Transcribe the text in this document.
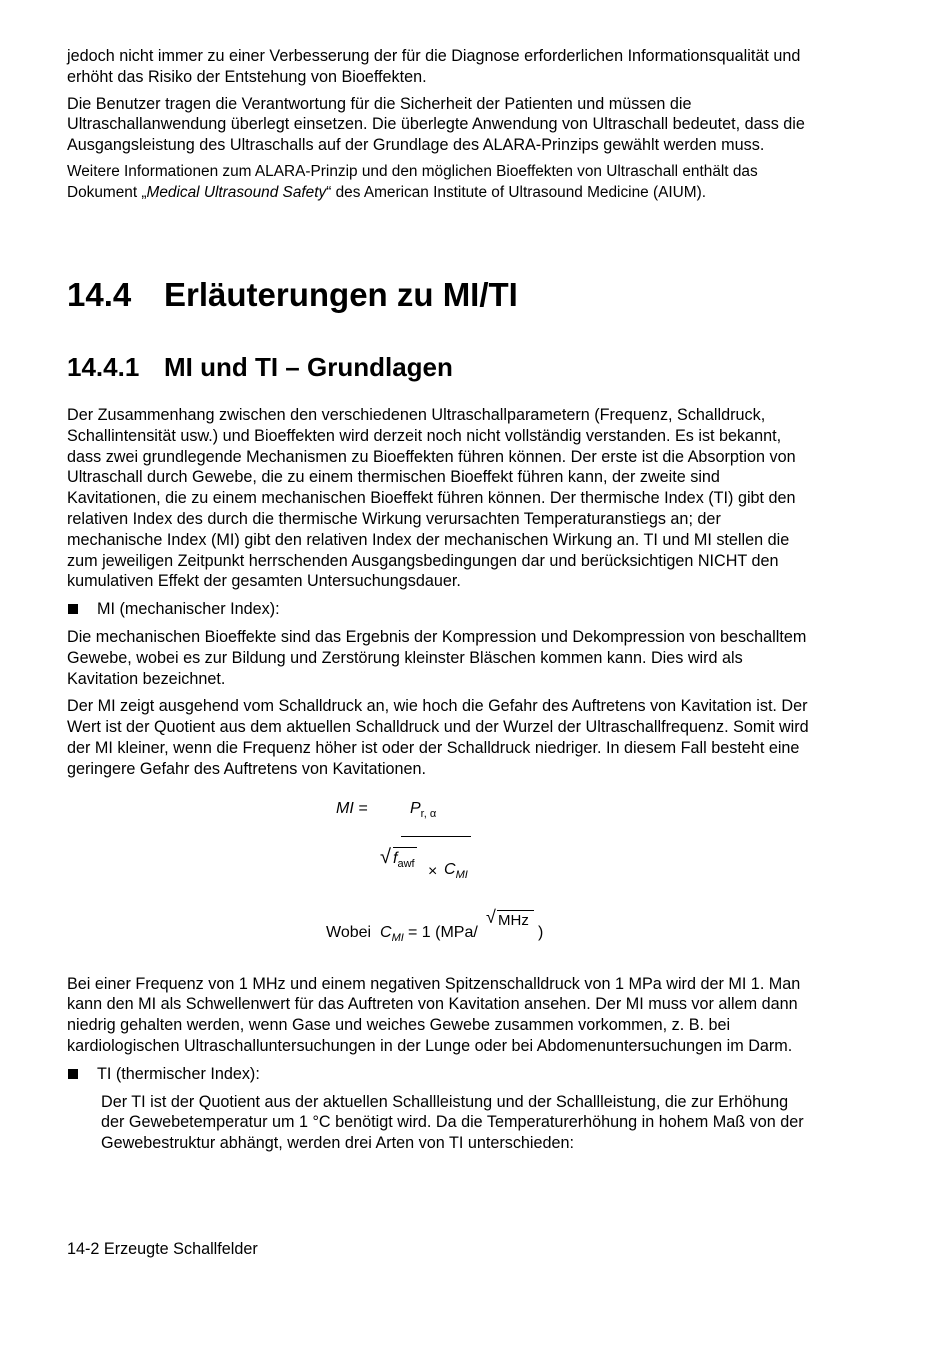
jedoch nicht immer zu einer Verbesserung der für die Diagnose erforderlichen Informationsqualität und erhöht das Risiko der Entstehung von Bioeffekten.

Die Benutzer tragen die Verantwortung für die Sicherheit der Patienten und müssen die Ultraschallanwendung überlegt einsetzen. Die überlegte Anwendung von Ultraschall bedeutet, dass die Ausgangsleistung des Ultraschalls auf der Grundlage des ALARA-Prinzips gewählt werden muss.

Weitere Informationen zum ALARA-Prinzip und den möglichen Bioeffekten von Ultraschall enthält das Dokument „Medical Ultrasound Safety“ des American Institute of Ultrasound Medicine (AIUM).

14.4 Erläuterungen zu MI/TI
14.4.1 MI und TI – Grundlagen

Der Zusammenhang zwischen den verschiedenen Ultraschallparametern (Frequenz, Schalldruck, Schallintensität usw.) und Bioeffekten wird derzeit noch nicht vollständig verstanden. Es ist bekannt, dass zwei grundlegende Mechanismen zu Bioeffekten führen können. Der erste ist die Absorption von Ultraschall durch Gewebe, die zu einem thermischen Bioeffekt führen kann, der zweite sind Kavitationen, die zu einem mechanischen Bioeffekt führen können. Der thermische Index (TI) gibt den relativen Index des durch die thermische Wirkung verursachten Temperaturanstiegs an; der mechanische Index (MI) gibt den relativen Index der mechanischen Wirkung an. TI und MI stellen die zum jeweiligen Zeitpunkt herrschenden Ausgangsbedingungen dar und berücksichtigen NICHT den kumulativen Effekt der gesamten Untersuchungsdauer.

MI (mechanischer Index):

Die mechanischen Bioeffekte sind das Ergebnis der Kompression und Dekompression von beschalltem Gewebe, wobei es zur Bildung und Zerstörung kleinster Bläschen kommen kann. Dies wird als Kavitation bezeichnet.

Der MI zeigt ausgehend vom Schalldruck an, wie hoch die Gefahr des Auftretens von Kavitation ist. Der Wert ist der Quotient aus dem aktuellen Schalldruck und der Wurzel der Ultraschallfrequenz. Somit wird der MI kleiner, wenn die Frequenz höher ist oder der Schalldruck niedriger. In diesem Fall besteht eine geringere Gefahr des Auftretens von Kavitationen.

MI =	$P_{r, \alpha}$
√ $f_{awf} \times C_{MI}$
Wobei $C_{MI} = 1$ (MPa/
√ MHz
)

Bei einer Frequenz von 1 MHz und einem negativen Spitzenschalldruck von 1 MPa wird der MI 1. Man kann den MI als Schwellenwert für das Auftreten von Kavitation ansehen. Der MI muss vor allem dann niedrig gehalten werden, wenn Gase und weiches Gewebe zusammen vorkommen, z. B. bei kardiologischen Ultraschalluntersuchungen in der Lunge oder bei Abdomenuntersuchungen im Darm.

TI (thermischer Index):

Der TI ist der Quotient aus der aktuellen Schallleistung und der Schallleistung, die zur Erhöhung der Gewebetemperatur um 1 °C benötigt wird. Da die Temperaturerhöhung in hohem Maß von der Gewebestruktur abhängt, werden drei Arten von TI unterschieden:

14-2 Erzeugte Schallfelder
